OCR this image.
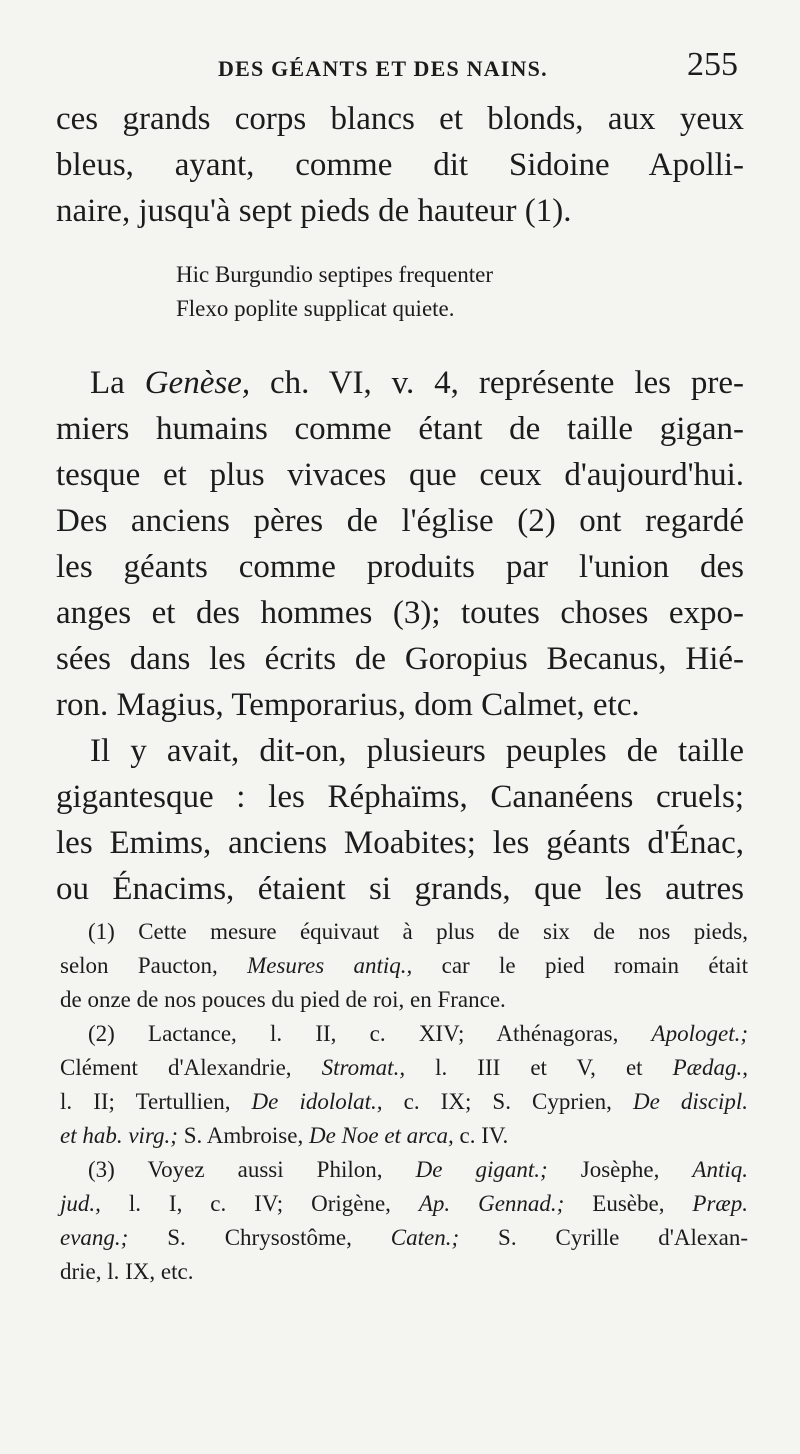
DES GÉANTS ET DES NAINS.	255
ces grands corps blancs et blonds, aux yeux
bleus, ayant, comme dit Sidoine Apolli-
naire, jusqu'à sept pieds de hauteur (1).
Hic Burgundio septipes frequenter
Flexo poplite supplicat quiete.
La Genèse, ch. VI, v. 4, représente les pre-
miers humains comme étant de taille gigan-
tesque et plus vivaces que ceux d'aujourd'hui.
Des anciens pères de l'église (2) ont regardé
les géants comme produits par l'union des
anges et des hommes (3); toutes choses expo-
sées dans les écrits de Goropius Becanus, Hié-
ron. Magius, Temporarius, dom Calmet, etc.
Il y avait, dit-on, plusieurs peuples de taille
gigantesque : les Réphaïms, Cananéens cruels;
les Emims, anciens Moabites; les géants d'Énac,
ou Énacims, étaient si grands, que les autres
(1) Cette mesure équivaut à plus de six de nos pieds,
selon Paucton, Mesures antiq., car le pied romain était
de onze de nos pouces du pied de roi, en France.
(2) Lactance, l. II, c. XIV; Athénagoras, Apologet.;
Clément d'Alexandrie, Stromat., l. III et V, et Pædag.,
l. II; Tertullien, De idololat., c. IX; S. Cyprien, De discipl.
et hab. virg.; S. Ambroise, De Noe et arca, c. IV.
(3) Voyez aussi Philon, De gigant.; Josèphe, Antiq.
jud., l. I, c. IV; Origène, Ap. Gennad.; Eusèbe, Præp.
evang.; S. Chrysostôme, Caten.; S. Cyrille d'Alexan-
drie, l. IX, etc.
